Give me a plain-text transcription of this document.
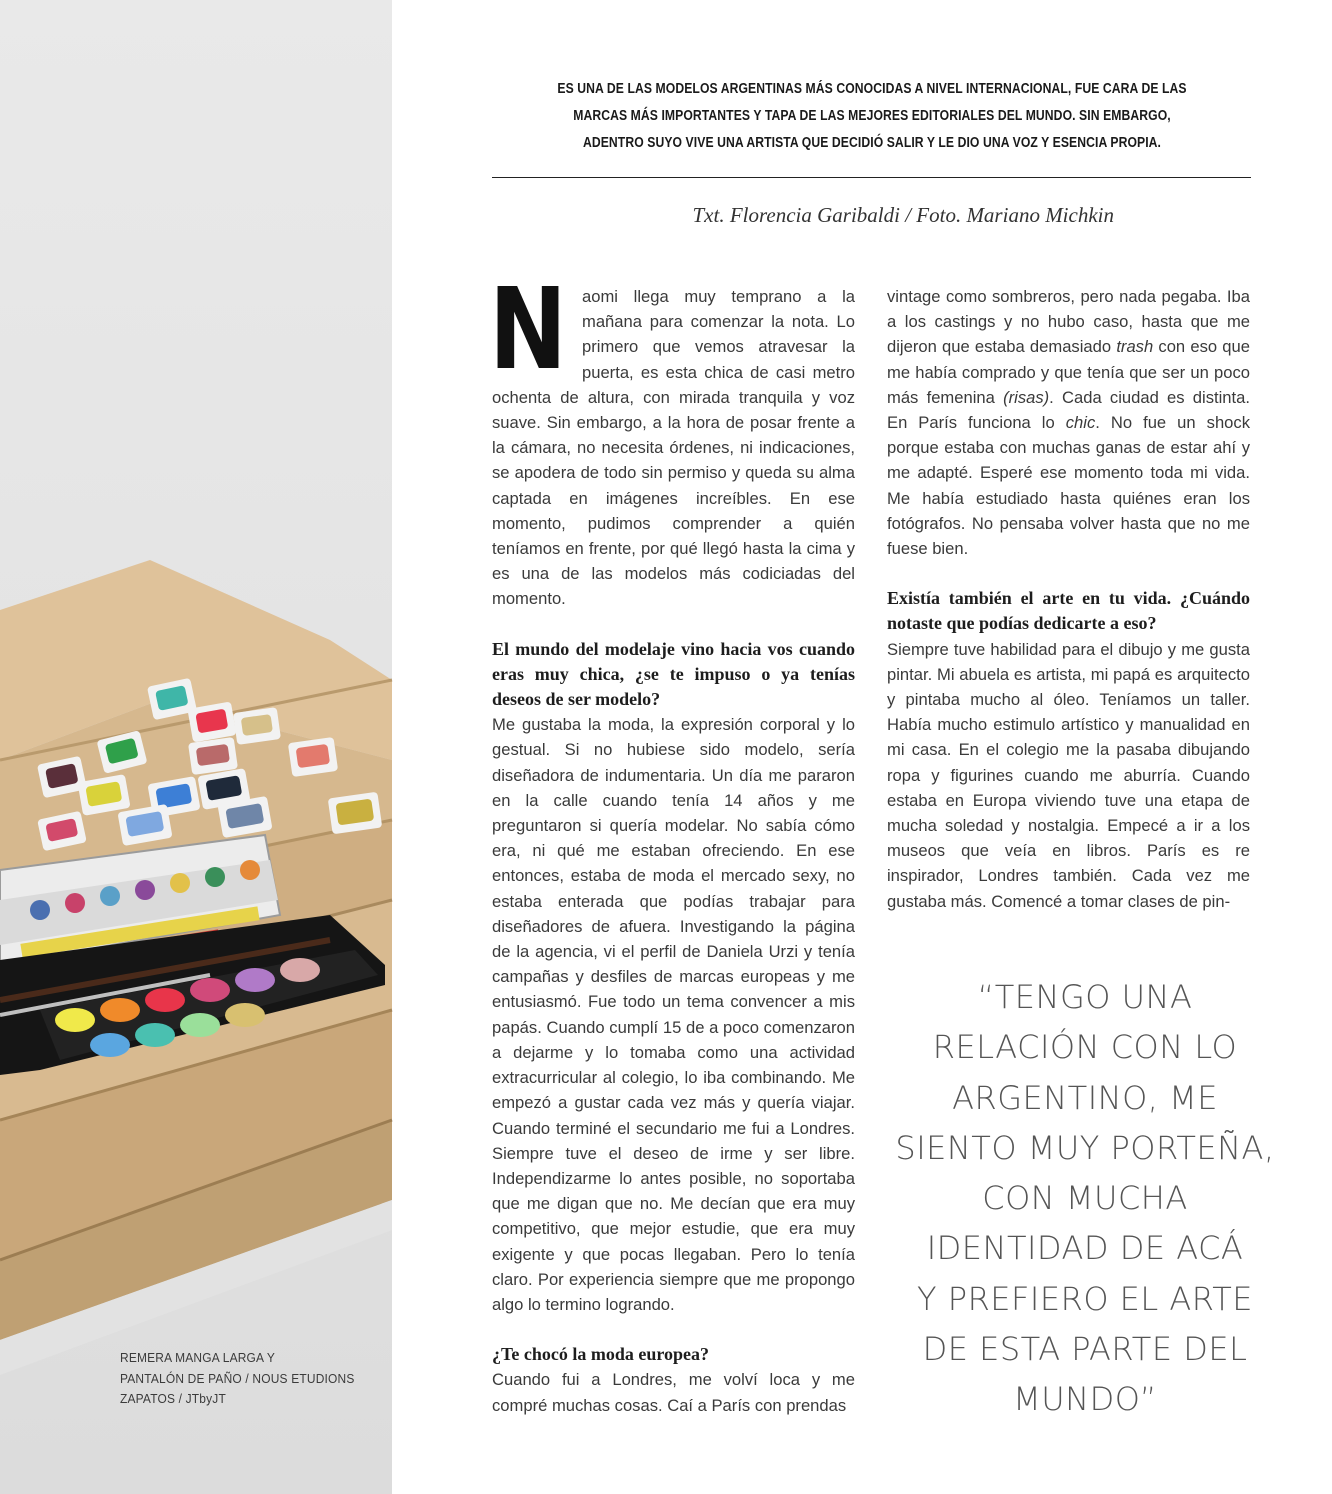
REMERA MANGA LARGA Y
PANTALÓN DE PAÑO / NOUS ETUDIONS
ZAPATOS / JTbyJT
ES UNA DE LAS MODELOS ARGENTINAS MÁS CONOCIDAS A NIVEL INTERNACIONAL, FUE CARA DE LAS MARCAS MÁS IMPORTANTES Y TAPA DE LAS MEJORES EDITORIALES DEL MUNDO. SIN EMBARGO, ADENTRO SUYO VIVE UNA ARTISTA QUE DECIDIÓ SALIR Y LE DIO UNA VOZ Y ESENCIA PROPIA.
Txt. Florencia Garibaldi / Foto. Mariano Michkin
N aomi llega muy temprano a la mañana para comenzar la nota. Lo primero que vemos atravesar la puerta, es esta chica de casi metro ochenta de altura, con mirada tranquila y voz suave. Sin embargo, a la hora de posar frente a la cámara, no necesita órdenes, ni indicaciones, se apodera de todo sin permiso y queda su alma captada en imágenes increíbles. En ese momento, pudimos comprender a quién teníamos en frente, por qué llegó hasta la cima y es una de las modelos más codiciadas del momento.

El mundo del modelaje vino hacia vos cuando eras muy chica, ¿se te impuso o ya tenías deseos de ser modelo?

Me gustaba la moda, la expresión corporal y lo gestual. Si no hubiese sido modelo, sería diseñadora de indumentaria. Un día me pararon en la calle cuando tenía 14 años y me preguntaron si quería modelar. No sabía cómo era, ni qué me estaban ofreciendo. En ese entonces, estaba de moda el mercado sexy, no estaba enterada que podías trabajar para diseñadores de afuera. Investigando la página de la agencia, vi el perfil de Daniela Urzi y tenía campañas y desfiles de marcas europeas y me entusiasmó. Fue todo un tema convencer a mis papás. Cuando cumplí 15 de a poco comenzaron a dejarme y lo tomaba como una actividad extracurricular al colegio, lo iba combinando. Me empezó a gustar cada vez más y quería viajar. Cuando terminé el secundario me fui a Londres. Siempre tuve el deseo de irme y ser libre. Independizarme lo antes posible, no soportaba que me digan que no. Me decían que era muy competitivo, que mejor estudie, que era muy exigente y que pocas llegaban. Pero lo tenía claro. Por experiencia siempre que me propongo algo lo termino logrando.

¿Te chocó la moda europea?

Cuando fui a Londres, me volví loca y me compré muchas cosas. Caí a París con prendas

vintage como sombreros, pero nada pegaba. Iba a los castings y no hubo caso, hasta que me dijeron que estaba demasiado trash con eso que me había comprado y que tenía que ser un poco más femenina (risas). Cada ciudad es distinta. En París funciona lo chic. No fue un shock porque estaba con muchas ganas de estar ahí y me adapté. Esperé ese momento toda mi vida. Me había estudiado hasta quiénes eran los fotógrafos. No pensaba volver hasta que no me fuese bien.

Existía también el arte en tu vida. ¿Cuándo notaste que podías dedicarte a eso?

Siempre tuve habilidad para el dibujo y me gusta pintar. Mi abuela es artista, mi papá es arquitecto y pintaba mucho al óleo. Teníamos un taller. Había mucho estimulo artístico y manualidad en mi casa. En el colegio me la pasaba dibujando ropa y figurines cuando me aburría. Cuando estaba en Europa viviendo tuve una etapa de mucha soledad y nostalgia. Empecé a ir a los museos que veía en libros. París es re inspirador, Londres también. Cada vez me gustaba más. Comencé a tomar clases de pin-

“TENGO UNA
RELACIÓN CON LO
ARGENTINO, ME
SIENTO MUY PORTEÑA,
CON MUCHA
IDENTIDAD DE ACÁ
Y PREFIERO EL ARTE
DE ESTA PARTE DEL
MUNDO”
